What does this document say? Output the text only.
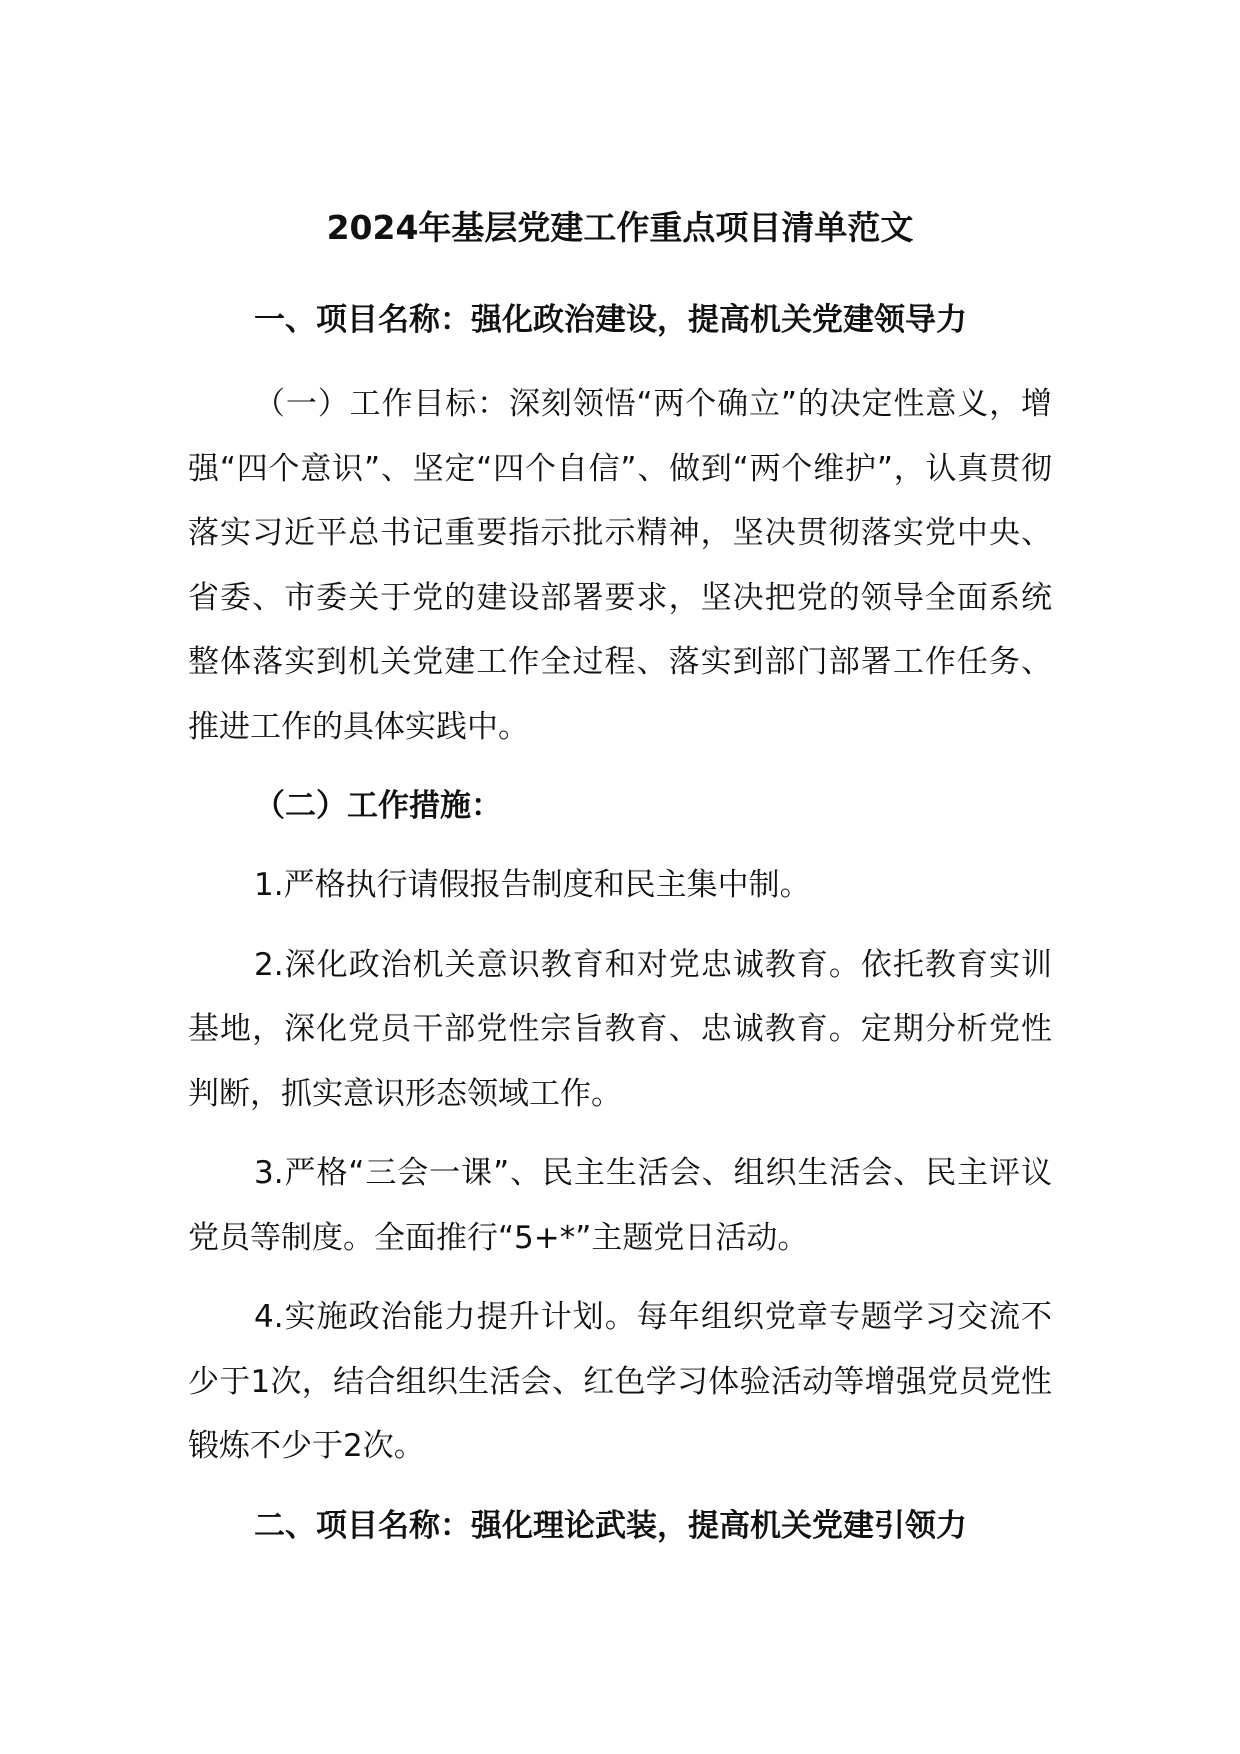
2024年基层党建工作重点项目清单范文
一、项目名称：强化政治建设，提高机关党建领导力

（一）工作目标：深刻领悟“两个确立”的决定性意义，增强“四个意识”、坚定“四个自信”、做到“两个维护”，认真贯彻落实习近平总书记重要指示批示精神，坚决贯彻落实党中央、省委、市委关于党的建设部署要求，坚决把党的领导全面系统整体落实到机关党建工作全过程、落实到部门部署工作任务、推进工作的具体实践中。

（二）工作措施：

1.严格执行请假报告制度和民主集中制。

2.深化政治机关意识教育和对党忠诚教育。依托教育实训基地，深化党员干部党性宗旨教育、忠诚教育。定期分析党性判断，抓实意识形态领域工作。

3.严格“三会一课”、民主生活会、组织生活会、民主评议党员等制度。全面推行“5+*”主题党日活动。

4.实施政治能力提升计划。每年组织党章专题学习交流不少于1次，结合组织生活会、红色学习体验活动等增强党员党性锻炼不少于2次。

二、项目名称：强化理论武装，提高机关党建引领力
